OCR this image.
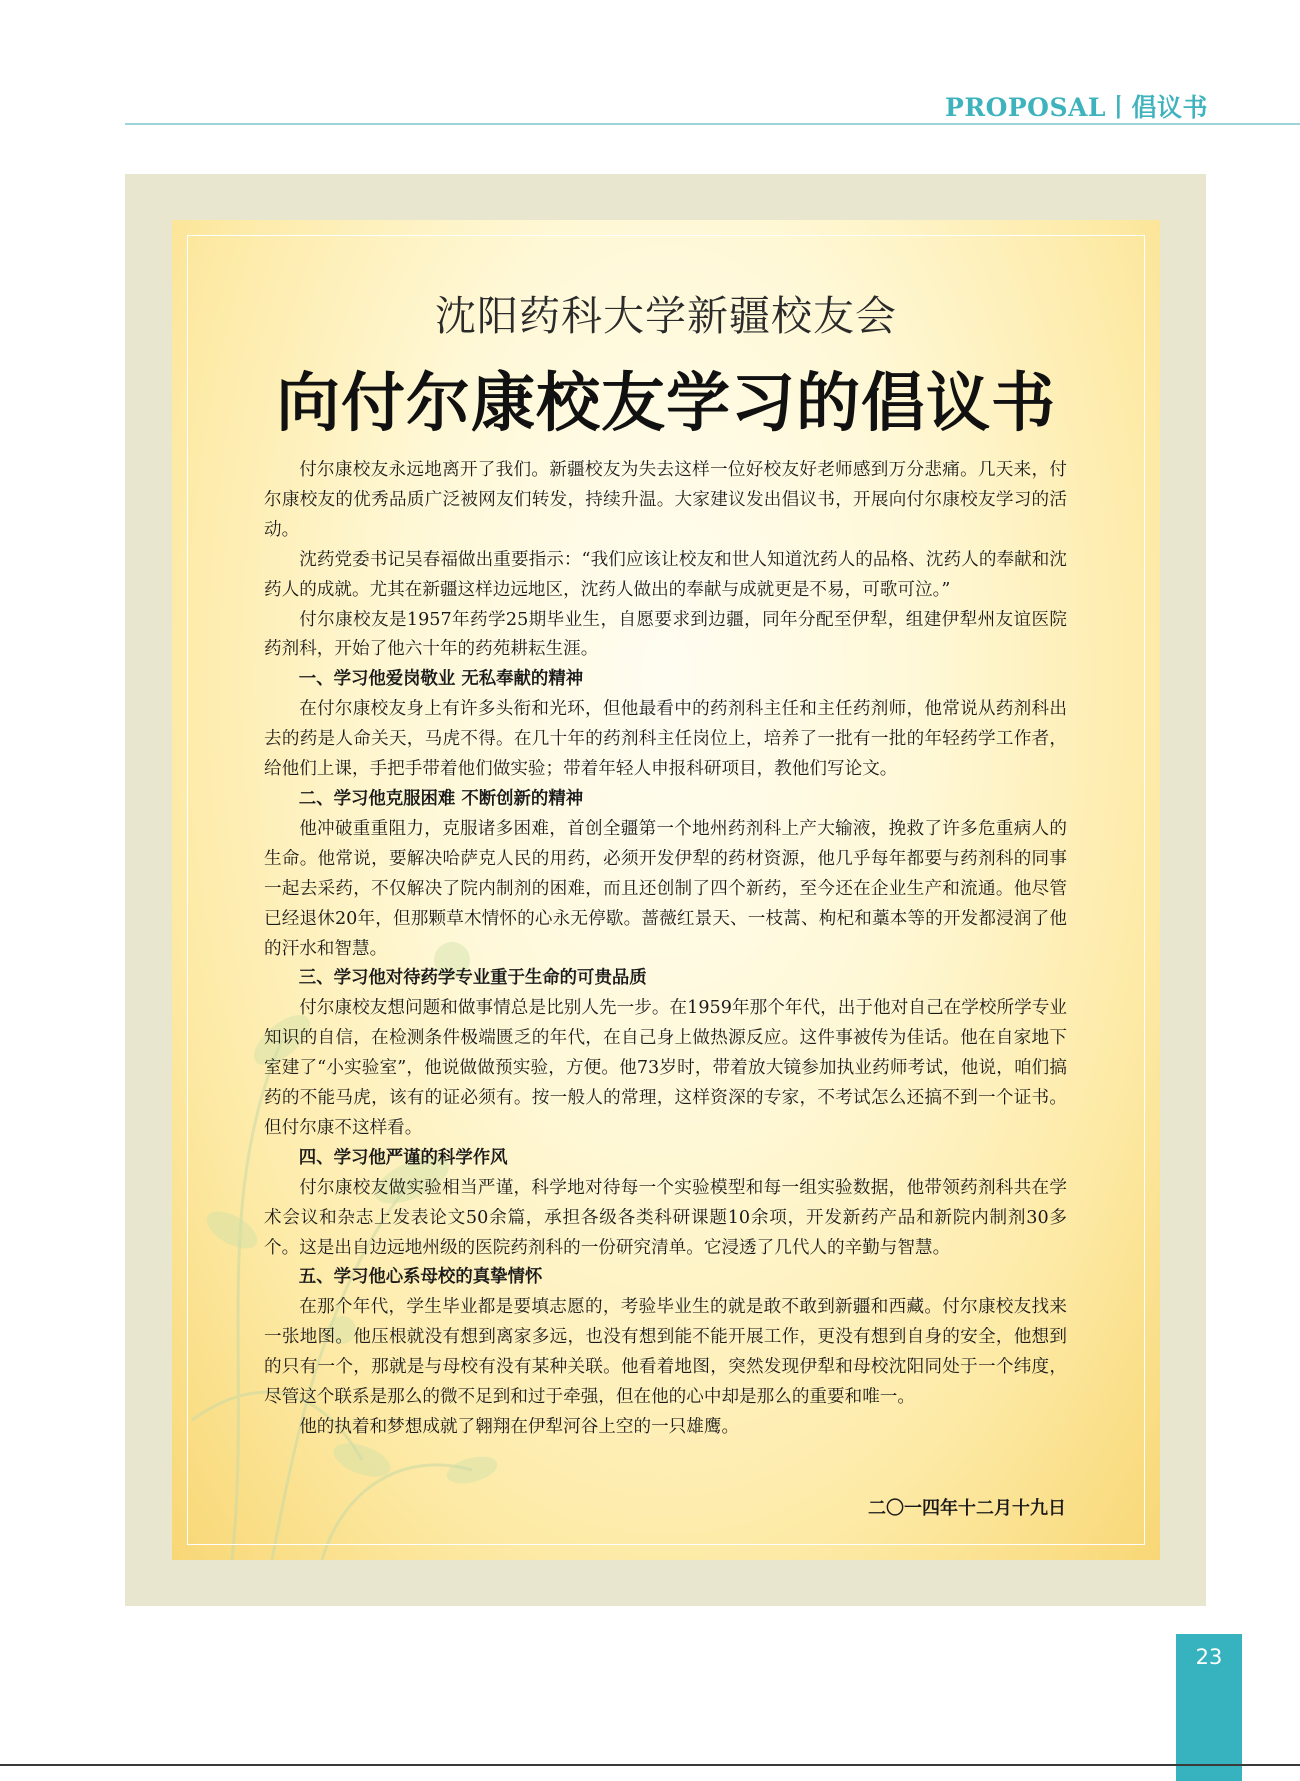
PROPOSAL丨倡议书
沈阳药科大学新疆校友会
向付尔康校友学习的倡议书
付尔康校友永远地离开了我们。新疆校友为失去这样一位好校友好老师感到万分悲痛。几天来，付尔康校友的优秀品质广泛被网友们转发，持续升温。大家建议发出倡议书，开展向付尔康校友学习的活动。
沈药党委书记吴春福做出重要指示：“我们应该让校友和世人知道沈药人的品格、沈药人的奉献和沈药人的成就。尤其在新疆这样边远地区，沈药人做出的奉献与成就更是不易，可歌可泣。”
付尔康校友是1957年药学25期毕业生，自愿要求到边疆，同年分配至伊犁，组建伊犁州友谊医院药剂科，开始了他六十年的药苑耕耘生涯。
一、学习他爱岗敬业 无私奉献的精神
在付尔康校友身上有许多头衔和光环，但他最看中的药剂科主任和主任药剂师，他常说从药剂科出去的药是人命关天，马虎不得。在几十年的药剂科主任岗位上，培养了一批有一批的年轻药学工作者，给他们上课，手把手带着他们做实验；带着年轻人申报科研项目，教他们写论文。
二、学习他克服困难 不断创新的精神
他冲破重重阻力，克服诸多困难，首创全疆第一个地州药剂科上产大输液，挽救了许多危重病人的生命。他常说，要解决哈萨克人民的用药，必须开发伊犁的药材资源，他几乎每年都要与药剂科的同事一起去采药，不仅解决了院内制剂的困难，而且还创制了四个新药，至今还在企业生产和流通。他尽管已经退休20年，但那颗草木情怀的心永无停歇。蔷薇红景天、一枝蒿、枸杞和藁本等的开发都浸润了他的汗水和智慧。
三、学习他对待药学专业重于生命的可贵品质
付尔康校友想问题和做事情总是比别人先一步。在1959年那个年代，出于他对自己在学校所学专业知识的自信，在检测条件极端匮乏的年代，在自己身上做热源反应。这件事被传为佳话。他在自家地下室建了“小实验室”，他说做做预实验，方便。他73岁时，带着放大镜参加执业药师考试，他说，咱们搞药的不能马虎，该有的证必须有。按一般人的常理，这样资深的专家，不考试怎么还搞不到一个证书。但付尔康不这样看。
四、学习他严谨的科学作风
付尔康校友做实验相当严谨，科学地对待每一个实验模型和每一组实验数据，他带领药剂科共在学术会议和杂志上发表论文50余篇，承担各级各类科研课题10余项，开发新药产品和新院内制剂30多个。这是出自边远地州级的医院药剂科的一份研究清单。它浸透了几代人的辛勤与智慧。
五、学习他心系母校的真挚情怀
在那个年代，学生毕业都是要填志愿的，考验毕业生的就是敢不敢到新疆和西藏。付尔康校友找来一张地图。他压根就没有想到离家多远，也没有想到能不能开展工作，更没有想到自身的安全，他想到的只有一个，那就是与母校有没有某种关联。他看着地图，突然发现伊犁和母校沈阳同处于一个纬度，尽管这个联系是那么的微不足到和过于牵强，但在他的心中却是那么的重要和唯一。
他的执着和梦想成就了翱翔在伊犁河谷上空的一只雄鹰。
二〇一四年十二月十九日
23
